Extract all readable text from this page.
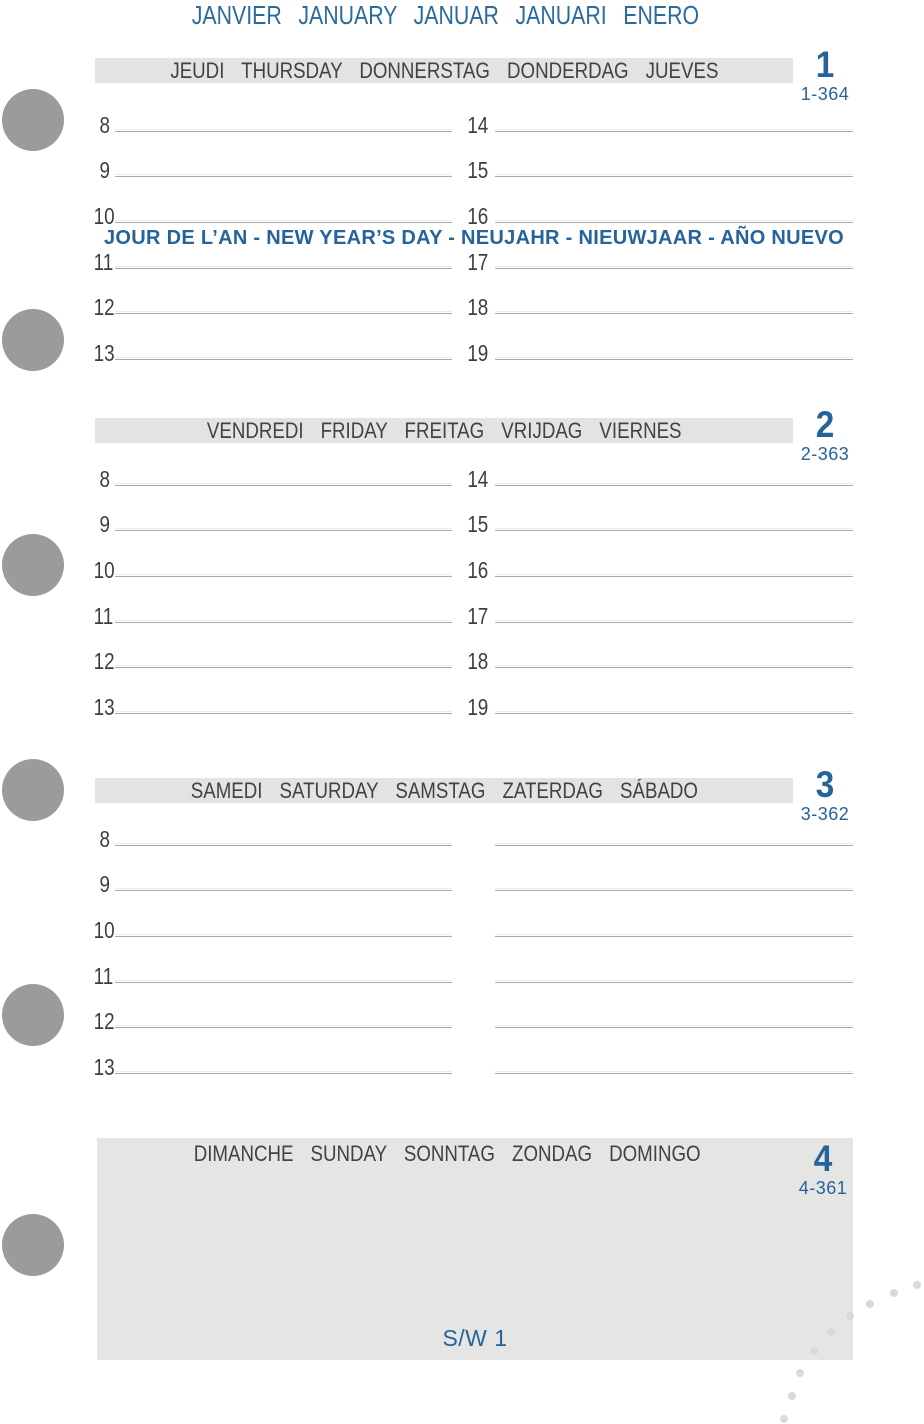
JANVIER JANUARY JANUAR JANUARI ENERO
JEUDI THURSDAY DONNERSTAG DONDERDAG JUEVES	1
1-364
8	14
9	15
10	16
11	17
12	18
13	19
JOUR DE L’AN - NEW YEAR’S DAY - NEUJAHR - NIEUWJAAR - AÑO NUEVO
VENDREDI FRIDAY FREITAG VRIJDAG VIERNES	2
2-363
8	14
9	15
10	16
11	17
12	18
13	19
SAMEDI SATURDAY SAMSTAG ZATERDAG SÁBADO	3
3-362
8
9
10
11
12
13
DIMANCHE SUNDAY SONNTAG ZONDAG DOMINGO	4
4-361
S/W 1
